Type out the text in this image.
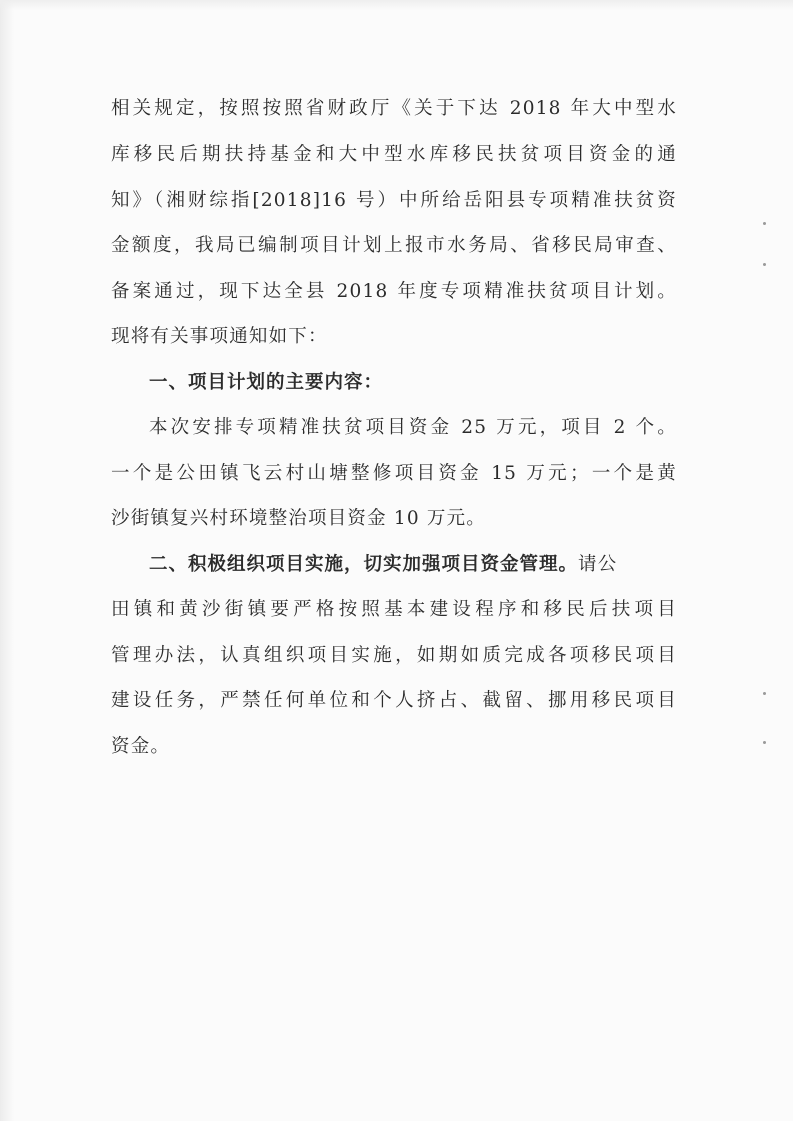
相关规定，按照按照省财政厅《关于下达 2018 年大中型水
库移民后期扶持基金和大中型水库移民扶贫项目资金的通
知》（湘财综指[2018]16 号）中所给岳阳县专项精准扶贫资
金额度，我局已编制项目计划上报市水务局、省移民局审查、
备案通过，现下达全县 2018 年度专项精准扶贫项目计划。
现将有关事项通知如下：
一、项目计划的主要内容：
本次安排专项精准扶贫项目资金 25 万元，项目 2 个。
一个是公田镇飞云村山塘整修项目资金 15 万元；一个是黄
沙街镇复兴村环境整治项目资金 10 万元。
二、积极组织项目实施，切实加强项目资金管理。请公
田镇和黄沙街镇要严格按照基本建设程序和移民后扶项目
管理办法，认真组织项目实施，如期如质完成各项移民项目
建设任务，严禁任何单位和个人挤占、截留、挪用移民项目
资金。
